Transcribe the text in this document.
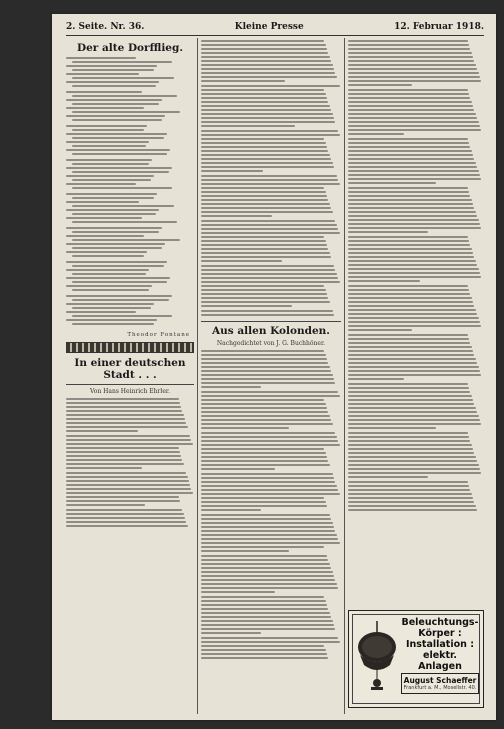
2. Seite. Nr. 36.	Kleine Presse	12. Februar 1918.
Der alte Dorfflieg.
Theodor Fontane
In einer deutschen Stadt . . .
Von Hans Heinrich Ehrler.
Aus allen Kolonden.
Nachgedichtet von J. G. Buchhöner.
Beleuchtungs-Körper : Installation : elektr. Anlagen
August Schaeffer
Frankfurt a. M., Mosellstr. 40.
